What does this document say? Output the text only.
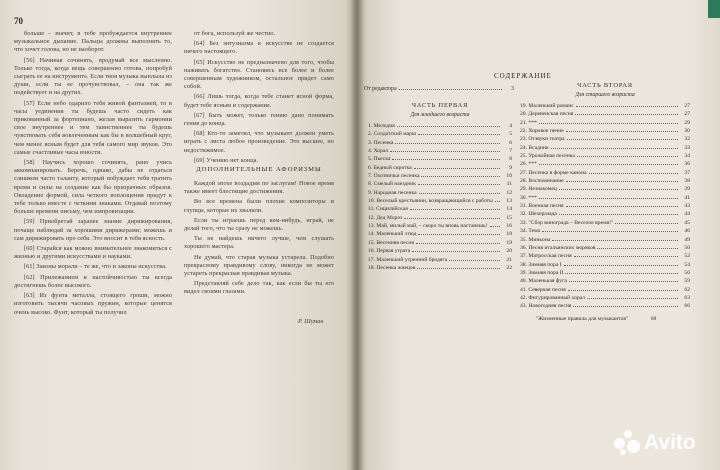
70

больше – значит, в тебе пробуждается внутреннее музыкальное дыхание. Пальцы должны выполнять то, что хочет голова, но не наоборот.

[56] Начиная сочинять, продумай все мысленно. Только тогда, когда вещь совершенно готова, попробуй сыграть ее на инструменте. Если твоя музыка выплыла из души, если ты ее прочувствовал, – она так же подействует и на других.

[57] Если небо одарило тебя живой фантазией, то в часы уединения ты будешь часто сидеть как прикованный за фортепиано, желая выразить гармонии свое внутреннее и тем таинственнее ты будешь чувствовать себя вовлеченным как бы в волшебный круг, чем менее ясным будет для тебя самого мир звуков. Это самые счастливые часы юности.

[58] Научись хорошо сочинять, рано учись аккомпанировать. Беречь, однако, дабы не отдаться слишком часто таланту, который побуждает тебя тратить время и силы на создание как бы призрачных образов. Овладение формой, сила четкого воплощения придут к тебе только вместе с четкими знаками. Отдавай поэтому больше времени письму, чем импровизации.

[59] Приобретай заранее знание дирижирования, почаще наблюдай за хорошими дирижерами; можешь и сам дирижировать про себя. Это вносит в тебя ясность.

[60] Старайся как можно внимательнее знакомиться с жизнью и другими искусствами и науками.

[61] Законы морали – те же, что и законы искусства.

[62] Прилежанием и настойчивостью ты всегда достигнешь более высокого.

[63] Из фунта металла, стоящего гроши, можно изготовить тысячи часовых пружин, которые ценятся очень высоко. Фунт, который ты получил

от бога, используй же честно.

[64] Без энтузиазма в искусстве не создается ничего настоящего.

[65] Искусство не предназначено для того, чтобы наживать богатство. Становись все более и более совершенным художником, остальное придет само собой.

[66] Лишь тогда, когда тебе станет ясной форма, будет тебе ясным и содержание.

[67] Быть может, только гению дано понимать гения до конца.

[68] Кто-то заметил, что музыкант должен уметь играть с листа любое произведение. Это высшее, но недостижимое.

[69] Учению нет конца.

ДОПОЛНИТЕЛЬНЫЕ АФОРИЗМЫ

Каждой эпохе воздадим по заслугам! Новое время также имеет блестящие достижения.

Во все времена были плохие композиторы и глупцы, которые их хвалили.

Если ты играешь перед кем-нибудь, играй, не делай того, что ты сразу не можешь.

Ты не найдешь ничего лучше, чем слушать хорошего мастера.

Не думай, что старая музыка устарела. Подобно прекрасному правдивому слову, никогда не может устареть прекрасная правдивая музыка.

Представляй себе дело так, как если бы ты его видел своими глазами.

Р. Шуман
СОДЕРЖАНИЕ
От редактора	3
ЧАСТЬ ПЕРВАЯ
Для младшего возраста
1. Мелодия	4
2. Солдатский марш	5
3. Песенка	6
4. Хорал	7
5. Пьеска	8
6. Бедный сиротка	9
7. Охотничья песенка	10
8. Смелый наездник	11
9. Народная песенка	12
10. Веселый крестьянин, возвращающийся с работы	13
11. Сицилийская	14
12. Дед Мороз	15
13. Май, милый май, – скоро ты вновь настанешь!	16
14. Маленький этюд	18
15. Весенняя песня	19
16. Первая утрата	20
17. Маленький утренний бродяга	21
18. Песенка жнецов	22
ЧАСТЬ ВТОРАЯ
Для старшего возраста
19. Маленький романс	27
20. Деревенская песня	27
21. ***	29
22. Хоровое пение	30
23. Отзвуки театра	32
24. Всадник	33
25. Урожайная песенка	34
26. ***	36
27. Песенка в форме канона	37
28. Воспоминание	38
29. Незнакомец	39
30. ***	41
31. Военная песня	43
32. Шехеразада	44
33. "Сбор винограда – Веселое время!"	45
34. Тема	46
35. Миньона	49
36. Песня итальянских моряков	50
37. Матросская песня	52
38. Зимняя пора I	54
39. Зимняя пора II	56
40. Маленькая фуга	59
41. Северная песня	62
42. Фигурированный хорал	63
43. Новогодняя песня	66
"Жизненные правила для музыкантов"	68
Avito
